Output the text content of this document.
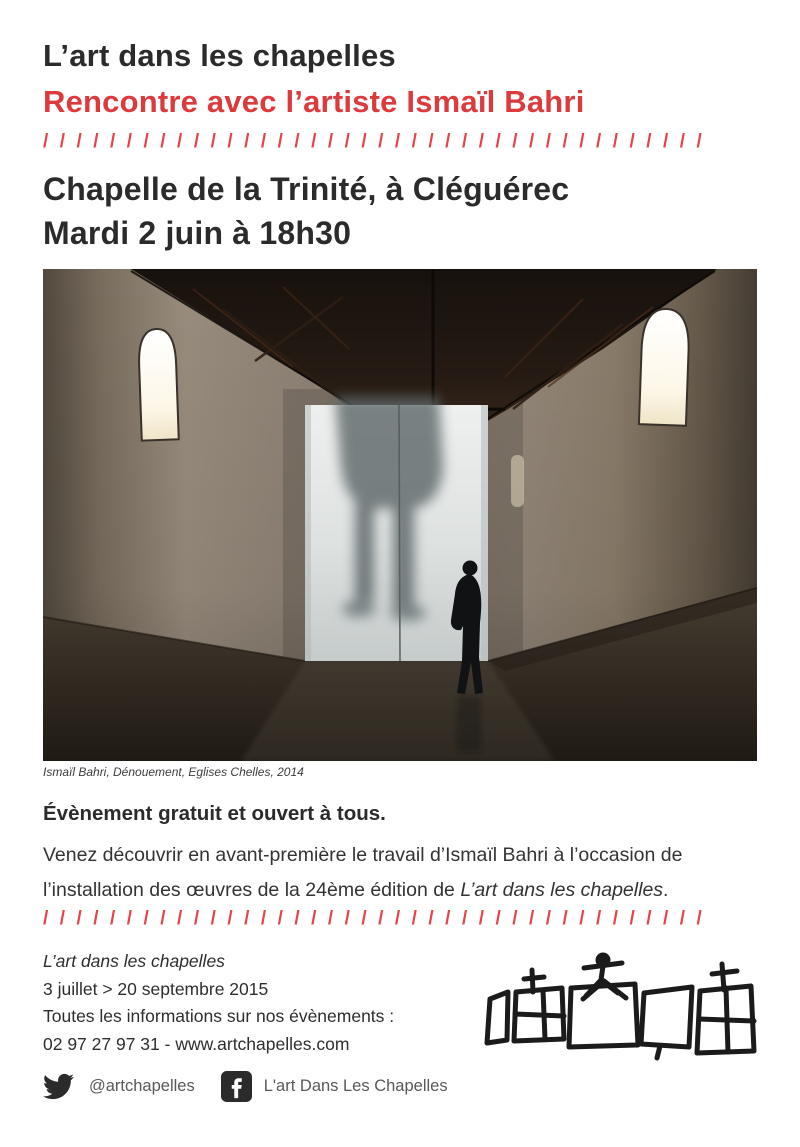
L’art dans les chapelles
Rencontre avec l’artiste Ismaïl Bahri
/ / / / / / / / / / / / / / / / / / / / / / / / / / / / / / / / / / / / / / / /
Chapelle de la Trinité, à Cléguérec
Mardi 2 juin à 18h30
Ismaïl Bahri, Dénouement, Eglises Chelles, 2014
Évènement gratuit et ouvert à tous.
Venez découvrir en avant-première le travail d’Ismaïl Bahri à l’occasion de l’installation des œuvres de la 24ème édition de L’art dans les chapelles.
/ / / / / / / / / / / / / / / / / / / / / / / / / / / / / / / / / / / / / / / /
L’art dans les chapelles
3 juillet > 20 septembre 2015
Toutes les informations sur nos évènements :
02 97 27 97 31 - www.artchapelles.com
@artchapelles	L'art Dans Les Chapelles
